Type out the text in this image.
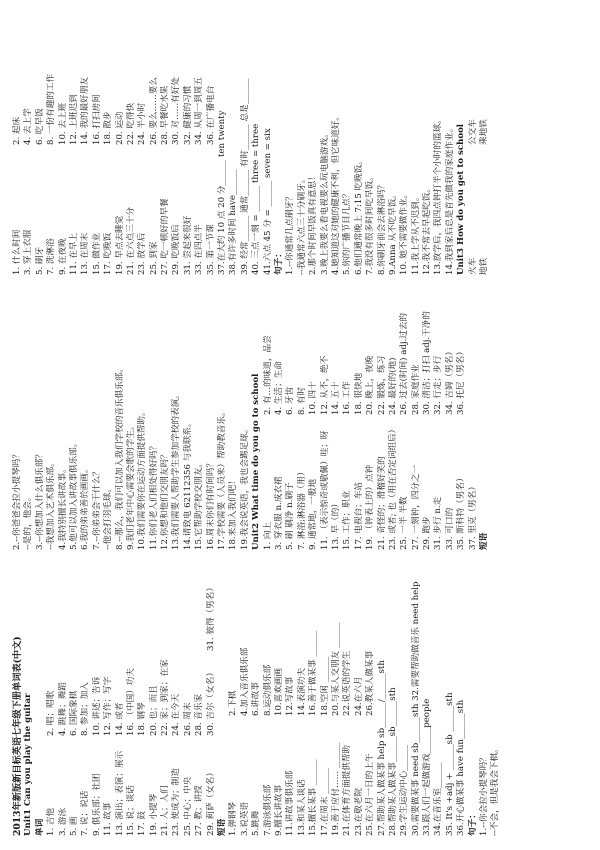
2013年新版新目标英语七年级下册单词表(中文) Unit1 Can you play the guitar 单词 1. 吉他
2. 唱；唱歌
3. 游泳
4. 跳舞；舞蹈
5. 画
6. 国际象棋
7. 说；说话
8. 参加；加入
9. 俱乐部；社团
10. 讲述；告诉
11. 故事
12. 写作；写字
13. 演出；表演；展示
14. 或者
15. 说；谈话
16. （中国）功夫
17. 鼓
18. 钢琴
19. 小提琴
20. 也；而且
21. 人；人们
22. 家；到家；在家
23. 使成为；制造
24. 在今天
25. 中心；中央
26. 周末
27. 教；讲授
28. 音乐家
29. 莉萨（女名）
30. 吉尔（女名）
31. 彼得（男名）
短语 1.弹钢琴
2.下棋
3.说英语
4.加入音乐俱乐部
5.跳舞
6.讲故事
7.游泳俱乐部
8.运动俱乐部
9.擅长讲故事
10.喜欢画画
11.讲故事俱乐部
12.写故事
13.和某人谈话
14.表演功夫
15.擅长某事 ______
16.善于做某事 ______
17.在周末 ______
18.空闲 ______
19.善于应付…… ______
20.与某人交朋友 ______
21.在体育方面提供帮助
22.说英语的学生
23.在敬老院
24.在六月
25.在六月一日的上午
26.教某人做某事 27.帮助某人做某事 help sb______/______sth 28.帮助某人做某事______sb______sth 29.学生运动中心______ 30.需要做某事 need sb______sth 32.需要帮助做音乐 need help 33.跟人们一起做游戏______people 34.在音乐室______ 35. It's +adj + ______sb ______sth 36.开心做某事 have fun______sth 句子： 1.--你会拉小提琴吗？ --不会，但是我会下棋。
2.--你爸爸会拉小提琴吗？ --是的，他会。 3.--你想加入什么俱乐部？ --我想加入艺术俱乐部。 4.我特别擅长讲故事。 5.他可以加入讲故事俱乐部。 6.我的弟弟善於画画。 7.--你弟弟会干什么？ --他会打羽毛球。 8.--那么，我们可以加入我们学校的音乐俱乐部。 9.我们老年中心需要会歌的学生。 10.我们需要你在运动方面提供帮助。 11.你们老人们相处得好吗？ 12.你想和他们交朋友吗？ 13.我们需要人帮助学生参加学校的表演。 14.请致电 62112356 与我联系。 15.它帮助学校交朋友。 16.周末你们有时间吗？ 17.学校需要（人员来）帮助教音乐。 18.来加入我们吧！ 19.我会说英语，我也会踢足球。 Unit2 What time do you go to school 1. 向上
2. 有…的味道，品尝
3. 穿衣服 n.成衣裙
4. 生活；生命
5. 刷 刷净 n.刷子
6. 牙齿
7. 淋浴;淋浴器（用）
8. 有时
9. 通常地，一般地
10. 四十
11. （表示惊奇或敬佩）哇；呀
12. 从不，绝不
13. 早（的）
14. 五十
15. 工作；职业
16. 工作
17. 电视台；车站
18. 很快地
19. （钟表上的）点钟
20. 晚上，夜晚
21. 奇怪的；滑稽好笑的
22. 锻炼，练习
23. 或者; 也（用在否定词组后）
24. 最好的(地)
25. 一半 半数
26. 过去(时间) adj.过去的
27. 一刻钟，四分之一
28. 家庭作业
29. 跑步
30. 清洁；打扫 adj.干净的
31. 步行 n.走
32. 行走；步行
33. 可口的
34. 吉姆（男名）
35. 斯科特（男名）
36. 托尼（男名）
37. 里克（男名） 短语
1. 什么时间
2. 起床
3. 穿上衣服
4. 去上学
5. 刷牙
6. 吃早饭
7. 洗淋浴
8. 一份有趣的工作
9. 在夜晚
10. 去上班
11. 在早上
12. 上班迟到
13. 在周末
14. 我的最好朋友
15. 做作业
16. 打扫房间
17. 吃晚饭
18. 散步
19. 早点去睡觉
20. 运动
21. 在六点三十分
22. 吃得快
23. 放学后
24. 半小时
25. 到家
26. 要么……要么
27. 吃一顿好的早餐
28. 早餐吃水果
29. 吃晚饭后
30. 对……有好处
31. 尝起来很好
32. 健康的习惯
33. 在四点半
34. 从周一到周五
35. 第一节课
36. 在广播电台 37.在大约 10 点 20 分______ ten twenty 38.有许多时间 have______ 39. 经常______ 通常______ 有时______ 总是______ 40. 三点一刻 = ______ three = three 41.六点 45 分 = ______ seven = six 句子： 1.--你通常几点刷牙？ --我通常六点三十分刷牙。 2.那个时间早饭真有意思！ 3.晚上我要么看电视要么玩电脑游戏。 4.她知道这对她的健康不利，但它味道好。 5.你的广播节目几点？ 6.他们通常晚上 7:15 吃晚饭。 7.我没有很多时间吃早饭。 8.你刷牙前会去淋浴吗？ 9.Anna 从不吃早饭。 10. 她不需要做作业。 11.我上学从不迟到。 12.我不常去早起吃饭。 13.放学后，我四点钟打半个小时的篮球。 14.我到家后总是首先做我的家庭作业。 Unit3 How do you get to school 火车
公交车
地铁
乘地铁
